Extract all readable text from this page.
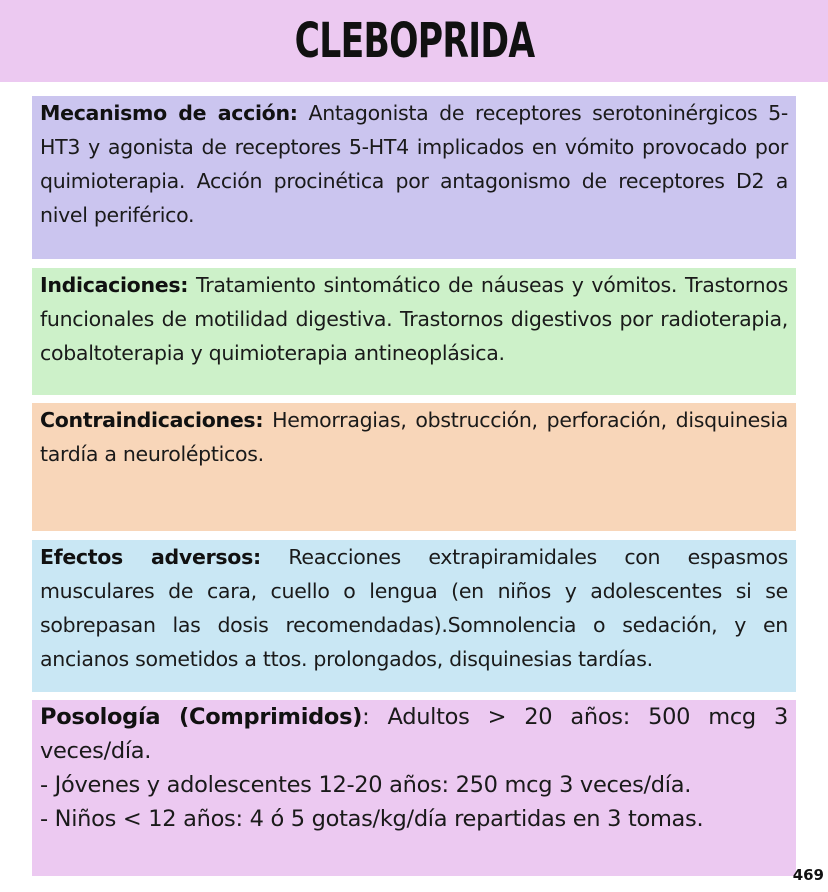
CLEBOPRIDA
Mecanismo de acción: Antagonista de receptores serotoninérgicos 5-HT3 y agonista de receptores 5-HT4 implicados en vómito provocado por quimioterapia. Acción procinética por antagonismo de receptores D2 a nivel periférico.
Indicaciones: Tratamiento sintomático de náuseas y vómitos. Trastornos funcionales de motilidad digestiva. Trastornos digestivos por radioterapia, cobaltoterapia y quimioterapia antineoplásica.
Contraindicaciones: Hemorragias, obstrucción, perforación, disquinesia tardía a neurolépticos.
Efectos adversos: Reacciones extrapiramidales con espasmos musculares de cara, cuello o lengua (en niños y adolescentes si se sobrepasan las dosis recomendadas).Somnolencia o sedación, y en ancianos sometidos a ttos. prolongados, disquinesias tardías.
Posología (Comprimidos): Adultos > 20 años: 500 mcg 3 veces/día.

- Jóvenes y adolescentes 12-20 años: 250 mcg 3 veces/día.

- Niños < 12 años: 4 ó 5 gotas/kg/día repartidas en 3 tomas.

469
